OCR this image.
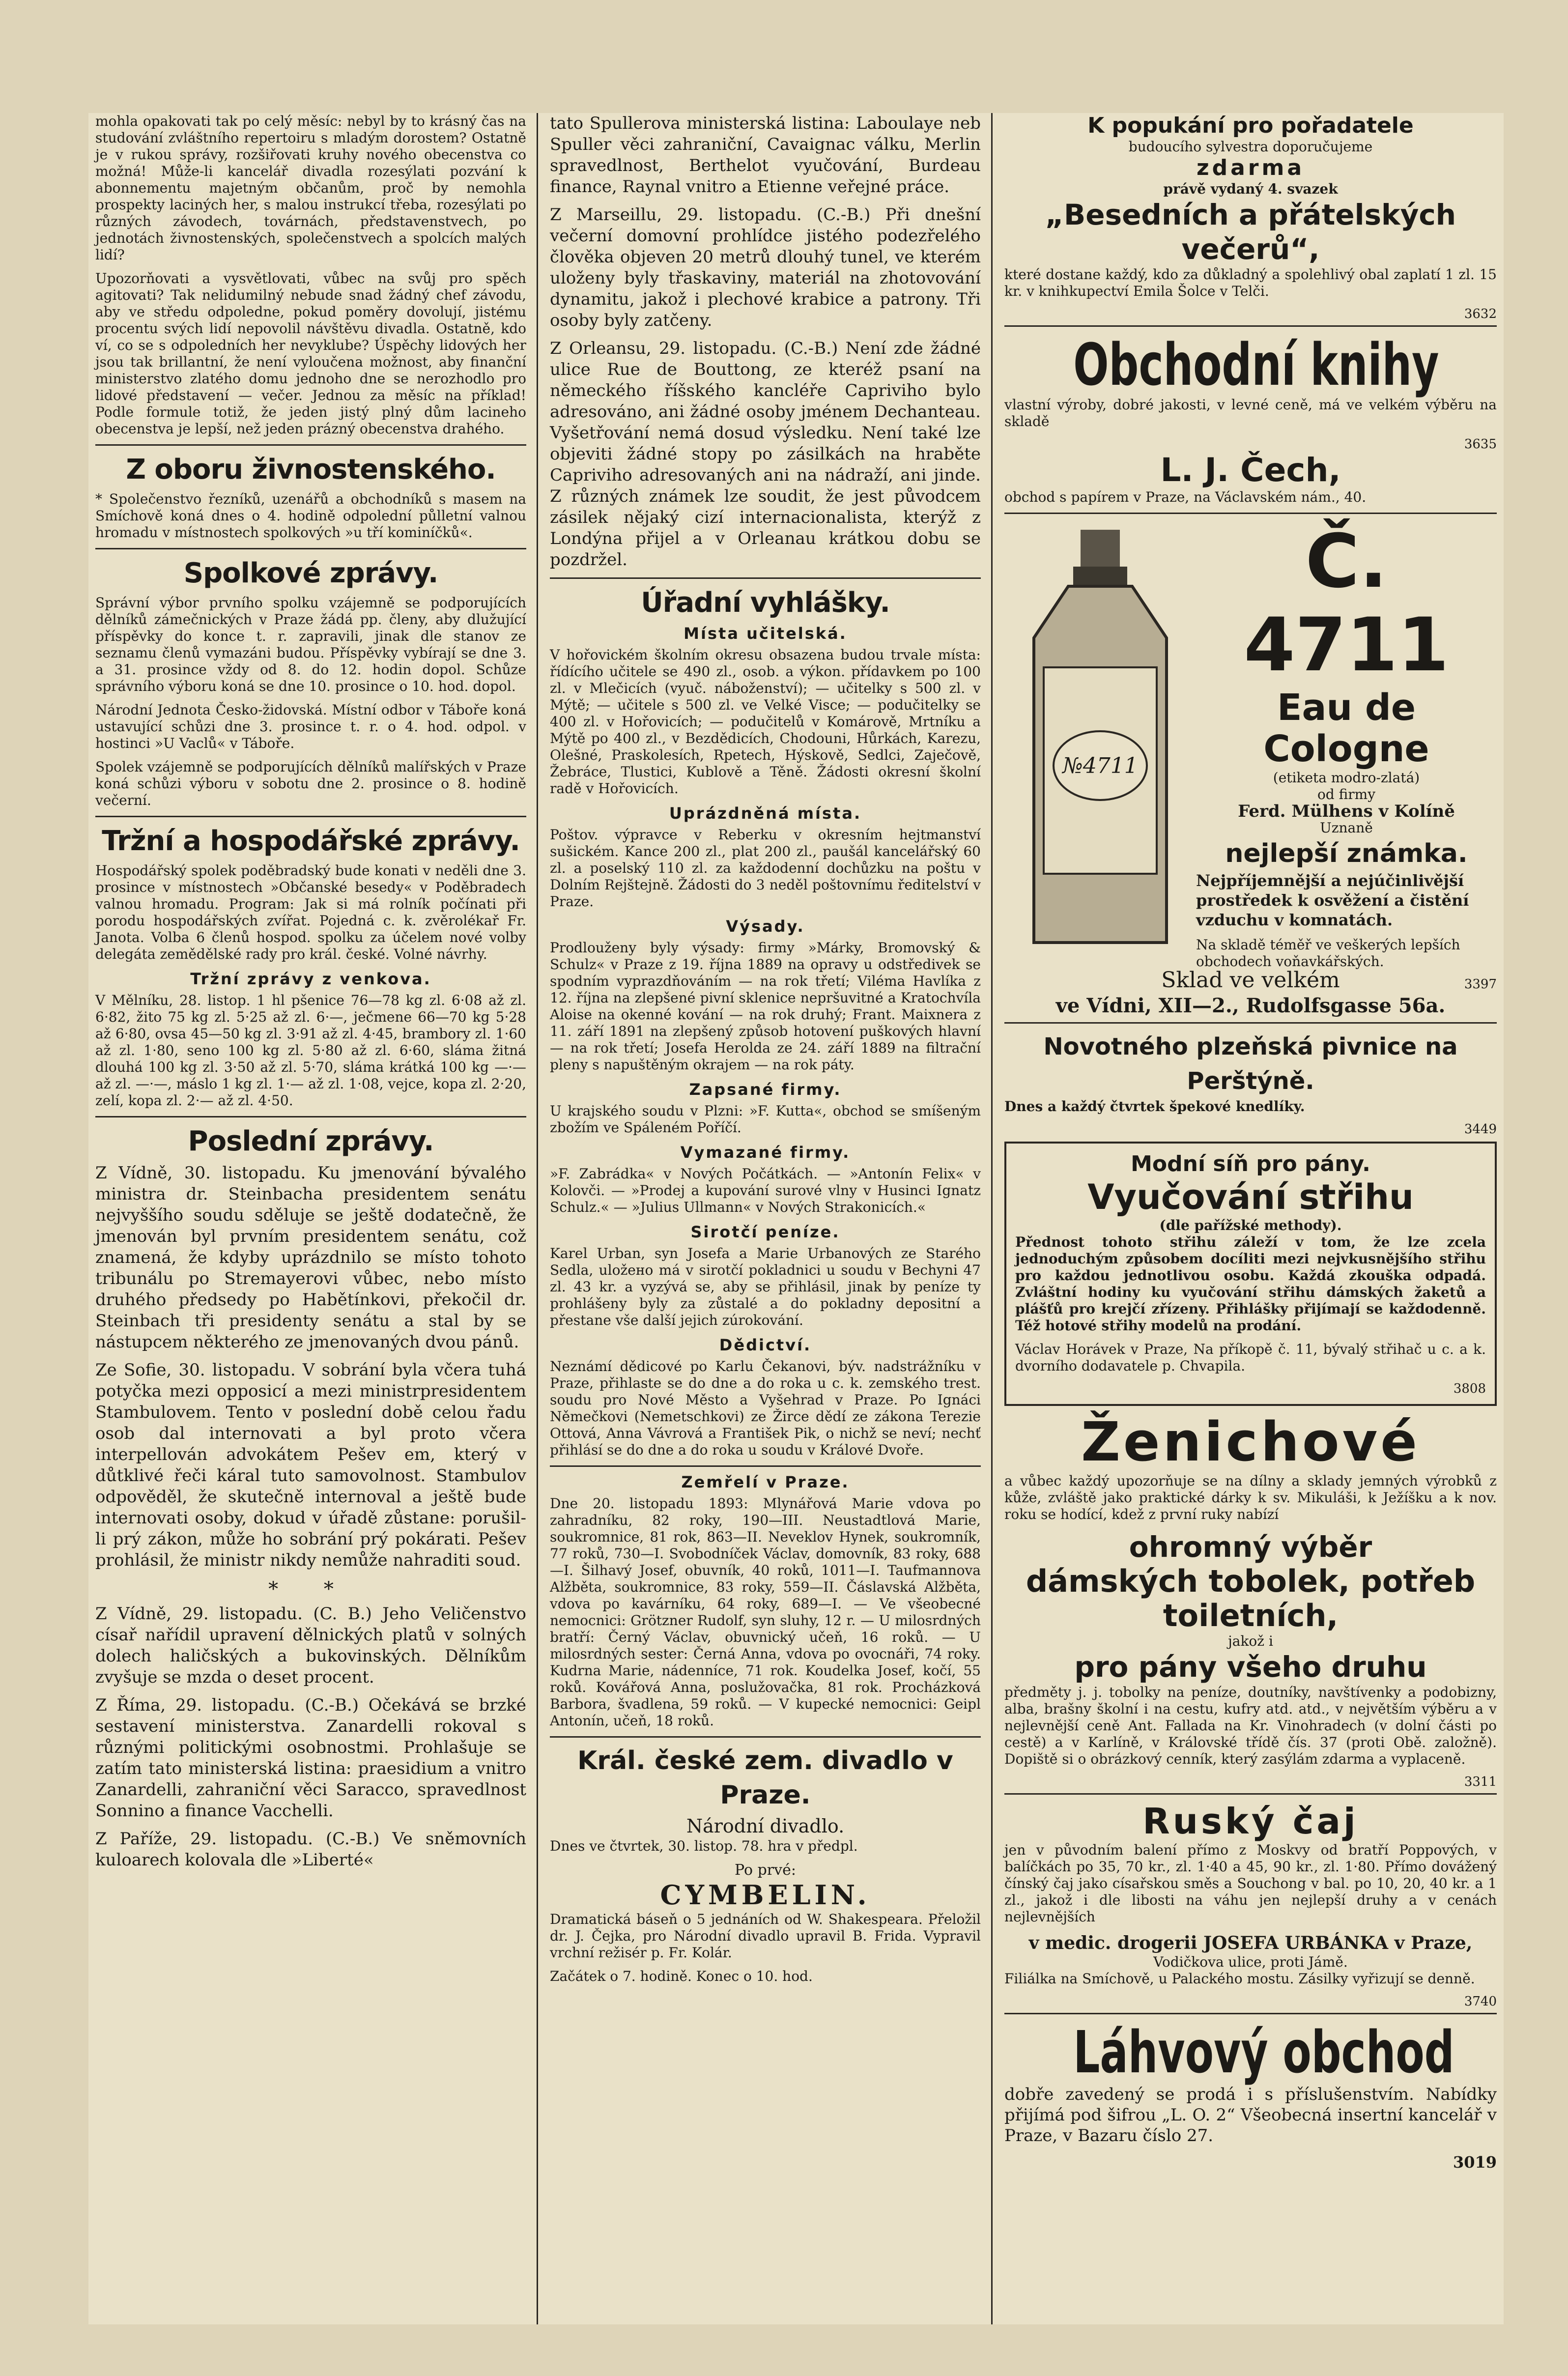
mohla opakovati tak po celý měsíc: nebyl by to krásný čas na studování zvláštního repertoiru s mladým dorostem? Ostatně je v rukou správy, rozšiřovati kruhy nového obecenstva co možná! Může-li kancelář divadla rozesýlati pozvání k abonnementu majetným občanům, proč by nemohla prospekty laciných her, s malou instrukcí třeba, rozesýlati po různých závodech, továrnách, představenstvech, po jednotách živnostenských, společenstvech a spolcích malých lidí?

Upozorňovati a vysvětlovati, vůbec na svůj pro spěch agitovati? Tak nelidumilný nebude snad žádný chef závodu, aby ve středu odpoledne, pokud poměry dovolují, jistému procentu svých lidí nepovolil návštěvu divadla. Ostatně, kdo ví, co se s odpoledních her nevyklube? Úspěchy lidových her jsou tak brillantní, že není vyloučena možnost, aby finanční ministerstvo zlatého domu jednoho dne se nerozhodlo pro lidové představení — večer. Jednou za měsíc na příklad! Podle formule totiž, že jeden jistý plný dům lacineho obecenstva je lepší, než jeden prázný obecenstva drahého.

Z oboru živnostenského.

* Společenstvo řezníků, uzenářů a obchodníků s masem na Smíchově koná dnes o 4. hodině odpolední půlletní valnou hromadu v místnostech spolkových »u tří kominíčků«.

Spolkové zprávy.

Správní výbor prvního spolku vzájemně se podporujících dělníků zámečnických v Praze žádá pp. členy, aby dlužující příspěvky do konce t. r. zapravili, jinak dle stanov ze seznamu členů vymazáni budou. Příspěvky vybírají se dne 3. a 31. prosince vždy od 8. do 12. hodin dopol. Schůze správního výboru koná se dne 10. prosince o 10. hod. dopol.

Národní Jednota Česko-židovská. Místní odbor v Táboře koná ustavující schůzi dne 3. prosince t. r. o 4. hod. odpol. v hostinci »U Vaclů« v Táboře.

Spolek vzájemně se podporujících dělníků malířských v Praze koná schůzi výboru v sobotu dne 2. prosince o 8. hodině večerní.

Tržní a hospodářské zprávy.

Hospodářský spolek poděbradský bude konati v neděli dne 3. prosince v místnostech »Občanské besedy« v Poděbradech valnou hromadu. Program: Jak si má rolník počínati při porodu hospodářských zvířat. Pojedná c. k. zvěrolékař Fr. Janota. Volba 6 členů hospod. spolku za účelem nové volby delegáta zemědělské rady pro král. české. Volné návrhy.

Tržní zprávy z venkova.

V Mělníku, 28. listop. 1 hl pšenice 76—78 kg zl. 6·08 až zl. 6·82, žito 75 kg zl. 5·25 až zl. 6·—, ječmene 66—70 kg 5·28 až 6·80, ovsa 45—50 kg zl. 3·91 až zl. 4·45, brambory zl. 1·60 až zl. 1·80, seno 100 kg zl. 5·80 až zl. 6·60, sláma žitná dlouhá 100 kg zl. 3·50 až zl. 5·70, sláma krátká 100 kg —·— až zl. —·—, máslo 1 kg zl. 1·— až zl. 1·08, vejce, kopa zl. 2·20, zelí, kopa zl. 2·— až zl. 4·50.

Poslední zprávy.

Z Vídně, 30. listopadu. Ku jmenování bývalého ministra dr. Steinbacha presidentem senátu nejvyššího soudu sděluje se ještě dodatečně, že jmenován byl prvním presidentem senátu, což znamená, že kdyby uprázdnilo se místo tohoto tribunálu po Stremayerovi vůbec, nebo místo druhého předsedy po Habětínkovi, překočil dr. Steinbach tři presidenty senátu a stal by se nástupcem některého ze jmenovaných dvou pánů.

Ze Sofie, 30. listopadu. V sobrání byla včera tuhá potyčka mezi opposicí a mezi ministrpresidentem Stambulovem. Tento v poslední době celou řadu osob dal internovati a byl proto včera interpellován advokátem Pešev em, který v důtklivé řeči káral tuto samovolnost. Stambulov odpověděl, že skutečně internoval a ještě bude internovati osoby, dokud v úřadě zůstane: porušil-li prý zákon, může ho sobrání prý pokárati. Pešev prohlásil, že ministr nikdy nemůže nahraditi soud.

* *

Z Vídně, 29. listopadu. (C. B.) Jeho Veličenstvo císař nařídil upravení dělnických platů v solných dolech haličských a bukovinských. Dělníkům zvyšuje se mzda o deset procent.

Z Říma, 29. listopadu. (C.-B.) Očekává se brzké sestavení ministerstva. Zanardelli rokoval s různými politickými osobnostmi. Prohlašuje se zatím tato ministerská listina: praesidium a vnitro Zanardelli, zahraniční věci Saracco, spravedlnost Sonnino a finance Vacchelli.

Z Paříže, 29. listopadu. (C.-B.) Ve sněmovních kuloarech kolovala dle »Liberté«

tato Spullerova ministerská listina: Laboulaye neb Spuller věci zahraniční, Cavaignac válku, Merlin spravedlnost, Berthelot vyučování, Burdeau finance, Raynal vnitro a Etienne veřejné práce.

Z Marseillu, 29. listopadu. (C.-B.) Při dnešní večerní domovní prohlídce jistého podezřelého člověka objeven 20 metrů dlouhý tunel, ve kterém uloženy byly třaskaviny, materiál na zhotovování dynamitu, jakož i plechové krabice a patrony. Tři osoby byly zatčeny.

Z Orleansu, 29. listopadu. (C.-B.) Není zde žádné ulice Rue de Bouttong, ze kteréž psaní na německého říšského kancléře Capriviho bylo adresováno, ani žádné osoby jménem Dechanteau. Vyšetřování nemá dosud výsledku. Není také lze objeviti žádné stopy po zásilkách na hraběte Capriviho adresovaných ani na nádraží, ani jinde. Z různých známek lze soudit, že jest původcem zásilek nějaký cizí internacionalista, kterýž z Londýna přijel a v Orleanau krátkou dobu se pozdržel.

Úřadní vyhlášky.
Místa učitelská.

V hořovickém školním okresu obsazena budou trvale místa: řídícího učitele se 490 zl., osob. a výkon. přídavkem po 100 zl. v Mlečicích (vyuč. náboženství); — učitelky s 500 zl. v Mýtě; — učitele s 500 zl. ve Velké Visce; — podučitelky se 400 zl. v Hořovicích; — podučitelů v Komárově, Mrtníku a Mýtě po 400 zl., v Bezdědicích, Chodouni, Hůrkách, Karezu, Olešné, Praskolesích, Rpetech, Hýskově, Sedlci, Zaječově, Žebráce, Tlustici, Kublově a Těně. Žádosti okresní školní radě v Hořovicích.

Uprázdněná místa.

Poštov. výpravce v Reberku v okresním hejtmanství sušickém. Kance 200 zl., plat 200 zl., paušál kancelářský 60 zl. a poselský 110 zl. za každodenní dochůzku na poštu v Dolním Rejštejně. Žádosti do 3 neděl poštovnímu ředitelství v Praze.

Výsady.

Prodlouženy byly výsady: firmy »Márky, Bromovský & Schulz« v Praze z 19. října 1889 na opravy u odstředivek se spodním vyprazdňováním — na rok třetí; Viléma Havlíka z 12. října na zlepšené pivní sklenice nepršuvitné a Kratochvíla Aloise na okenné kování — na rok druhý; Frant. Maixnera z 11. září 1891 na zlepšený způsob hotovení puškových hlavní — na rok třetí; Josefa Heroldа ze 24. září 1889 na filtrační pleny s napuštěným okrajem — na rok páty.

Zapsané firmy.

U krajského soudu v Plzni: »F. Kutta«, obchod se smíšeným zbožím ve Spáleném Poříčí.

Vymazané firmy.

»F. Zabrádka« v Nových Počátkách. — »Antonín Felix« v Kolovči. — »Prodej a kupování surové vlny v Husinci Ignatz Schulz.« — »Julius Ullmann« v Nových Strakonicích.«

Sirotčí peníze.

Karel Urban, syn Josefa a Marie Urbanových ze Starého Sedla, uložено má v sirotčí pokladnici u soudu v Bechyni 47 zl. 43 kr. a vyzývá se, aby se přihlásil, jinak by peníze ty prohlášeny byly za zůstalé a do pokladny depositní a přestane vše další jejich zúrokování.

Dědictví.

Neznámí dědicové po Karlu Čekanovi, býv. nadstrážníku v Praze, přihlaste se do dne a do roka u c. k. zemského trest. soudu pro Nové Město a Vyšehrad v Praze. Po Ignáci Němečkovi (Nemetschkovi) ze Žirce dědí ze zákona Terezie Ottová, Anna Vávrová a František Pik, o nichž se neví; nechť přihlásí se do dne a do roka u soudu v Králové Dvoře.

Zemřelí v Praze.

Dne 20. listopadu 1893: Mlynářová Marie vdova po zahradníku, 82 roky, 190—III. Neustadtlová Marie, soukromnice, 81 rok, 863—II. Neveklov Hynek, soukromník, 77 roků, 730—I. Svobodníček Václav, domovník, 83 roky, 688—I. Šilhavý Josef, obuvník, 40 roků, 1011—I. Taufmannova Alžběta, soukromnice, 83 roky, 559—II. Čáslavská Alžběta, vdova po kavárníku, 64 roky, 689—I. — Ve všeobecné nemocnici: Grötzner Rudolf, syn sluhy, 12 r. — U milosrdných bratří: Černý Václav, obuvnický učeň, 16 roků. — U milosrdných sester: Černá Anna, vdova po ovocnáři, 74 roky. Kudrna Marie, nádenníce, 71 rok. Koudelka Josef, kočí, 55 roků. Kovářová Anna, poslužovačka, 81 rok. Procházková Barbora, švadlena, 59 roků. — V kupecké nemocnici: Geipl Antonín, učeň, 18 roků.

Král. české zem. divadlo v Praze.
Národní divadlo.

Dnes ve čtvrtek, 30. listop. 78. hra v předpl.

Po prvé:
CYMBELIN.

Dramatická báseň o 5 jednáních od W. Shakespeara. Přeložil dr. J. Čejka, pro Národní divadlo upravil B. Frida. Vypravil vrchní režisér p. Fr. Kolár.

Začátek o 7. hodině. Konec o 10. hod.

K popukání pro pořadatele
budoucího sylvestra doporučujeme
zdarma
právě vydaný 4. svazek
„Besedních a přátelských večerů“,

které dostane každý, kdo za důkladný a spolehlivý obal zaplatí 1 zl. 15 kr. v knihkupectví Emila Šolce v Telči.

3632
Obchodní knihy

vlastní výroby, dobré jakosti, v levné ceně, má ve velkém výběru na skladě

3635
L. J. Čech,

obchod s papírem v Praze, na Václavském nám., 40.

№4711
Č. 4711
Eau de Cologne
(etiketa modro-zlatá)
od firmy
Ferd. Mülhens v Kolíně
Uznaně
nejlepší známka.

Nejpříjemnější a nejúčinlivější prostředek k osvěžení a čistění vzduchu v komnatách.

Na skladě téměř ve veškerých lepších obchodech voňavkářských.

3397
Sklad ve velkém
ve Vídni, XII—2., Rudolfsgasse 56a.
Novotného plzeňská pivnice na Perštýně.

Dnes a každý čtvrtek špekové knedlíky.

3449
Modní síň pro pány.
Vyučování střihu
(dle pařížské methody).

Přednost tohoto střihu záleží v tom, že lze zcela jednoduchým způsobem docíliti mezi nejvkusnějšího střihu pro každou jednotlivou osobu. Každá zkouška odpadá. Zvláštní hodiny ku vyučování střihu dámských žaketů a plášťů pro krejčí zřízeny. Přihlášky přijímají se každodenně. Též hotové střihy modelů na prodání.

Václav Horávek v Praze, Na příkopě č. 11, bývalý střihač u c. a k. dvorního dodavatele p. Chvapila.

3808
Ženichové

a vůbec každý upozorňuje se na dílny a sklady jemných výrobků z kůže, zvláště jako praktické dárky k sv. Mikuláši, k Ježíšku a k nov. roku se hodící, kdež z první ruky nabízí

ohromný výběr
dámských tobolek, potřeb toiletních,
jakož i
pro pány všeho druhu

předměty j. j. tobolky na peníze, doutníky, navštívenky a podobizny, alba, brašny školní i na cestu, kufry atd. atd., v největším výběru a v nejlevnější ceně Ant. Fallada na Kr. Vinohradech (v dolní části po cestě) a v Karlíně, v Královské třídě čís. 37 (proti Obě. založně). Dopiště si o obrázkový cenník, který zasýlám zdarma a vyplaceně.

3311
Ruský čaj

jen v původním balení přímo z Moskvy od bratří Poppových, v balíčkách po 35, 70 kr., zl. 1·40 a 45, 90 kr., zl. 1·80. Přímo dovážený čínský čaj jako císařskou směs a Souchong v bal. po 10, 20, 40 kr. a 1 zl., jakož i dle libosti na váhu jen nejlepší druhy a v cenách nejlevnějších

v medic. drogerii JOSEFA URBÁNKA v Praze,
Vodičkova ulice, proti Jámě.

Filiálka na Smíchově, u Palackého mostu. Zásilky vyřizují se denně.

3740
Láhvový obchod

dobře zavedený se prodá i s příslušenstvím. Nabídky přijímá pod šifrou „L. O. 2“ Všeobecná insertní kancelář v Praze, v Bazaru číslo 27.

3019
